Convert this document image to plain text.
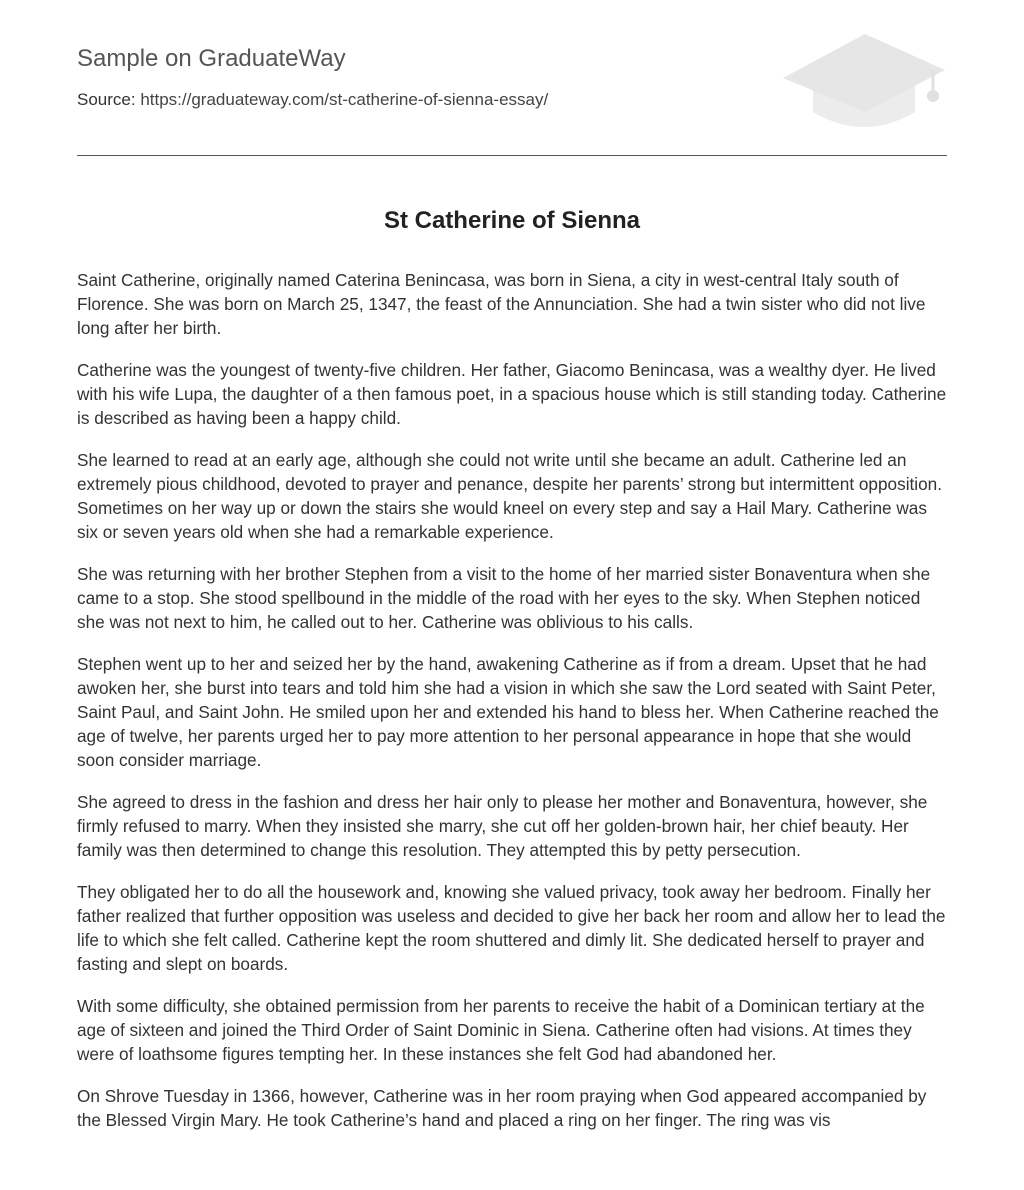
Sample on GraduateWay
Source: https://graduateway.com/st-catherine-of-sienna-essay/
St Catherine of Sienna

Saint Catherine, originally named Caterina Benincasa, was born in Siena, a city in west-central Italy south of Florence. She was born on March 25, 1347, the feast of the Annunciation. She had a twin sister who did not live long after her birth.

Catherine was the youngest of twenty-five children. Her father, Giacomo Benincasa, was a wealthy dyer. He lived with his wife Lupa, the daughter of a then famous poet, in a spacious house which is still standing today. Catherine is described as having been a happy child.

She learned to read at an early age, although she could not write until she became an adult. Catherine led an extremely pious childhood, devoted to prayer and penance, despite her parents’ strong but intermittent opposition. Sometimes on her way up or down the stairs she would kneel on every step and say a Hail Mary. Catherine was six or seven years old when she had a remarkable experience.

She was returning with her brother Stephen from a visit to the home of her married sister Bonaventura when she came to a stop. She stood spellbound in the middle of the road with her eyes to the sky. When Stephen noticed she was not next to him, he called out to her. Catherine was oblivious to his calls.

Stephen went up to her and seized her by the hand, awakening Catherine as if from a dream. Upset that he had awoken her, she burst into tears and told him she had a vision in which she saw the Lord seated with Saint Peter, Saint Paul, and Saint John. He smiled upon her and extended his hand to bless her. When Catherine reached the age of twelve, her parents urged her to pay more attention to her personal appearance in hope that she would soon consider marriage.

She agreed to dress in the fashion and dress her hair only to please her mother and Bonaventura, however, she firmly refused to marry. When they insisted she marry, she cut off her golden-brown hair, her chief beauty. Her family was then determined to change this resolution. They attempted this by petty persecution.

They obligated her to do all the housework and, knowing she valued privacy, took away her bedroom. Finally her father realized that further opposition was useless and decided to give her back her room and allow her to lead the life to which she felt called. Catherine kept the room shuttered and dimly lit. She dedicated herself to prayer and fasting and slept on boards.

With some difficulty, she obtained permission from her parents to receive the habit of a Dominican tertiary at the age of sixteen and joined the Third Order of Saint Dominic in Siena. Catherine often had visions. At times they were of loathsome figures tempting her. In these instances she felt God had abandoned her.

On Shrove Tuesday in 1366, however, Catherine was in her room praying when God appeared accompanied by the Blessed Virgin Mary. He took Catherine’s hand and placed a ring on her finger. The ring was vis
